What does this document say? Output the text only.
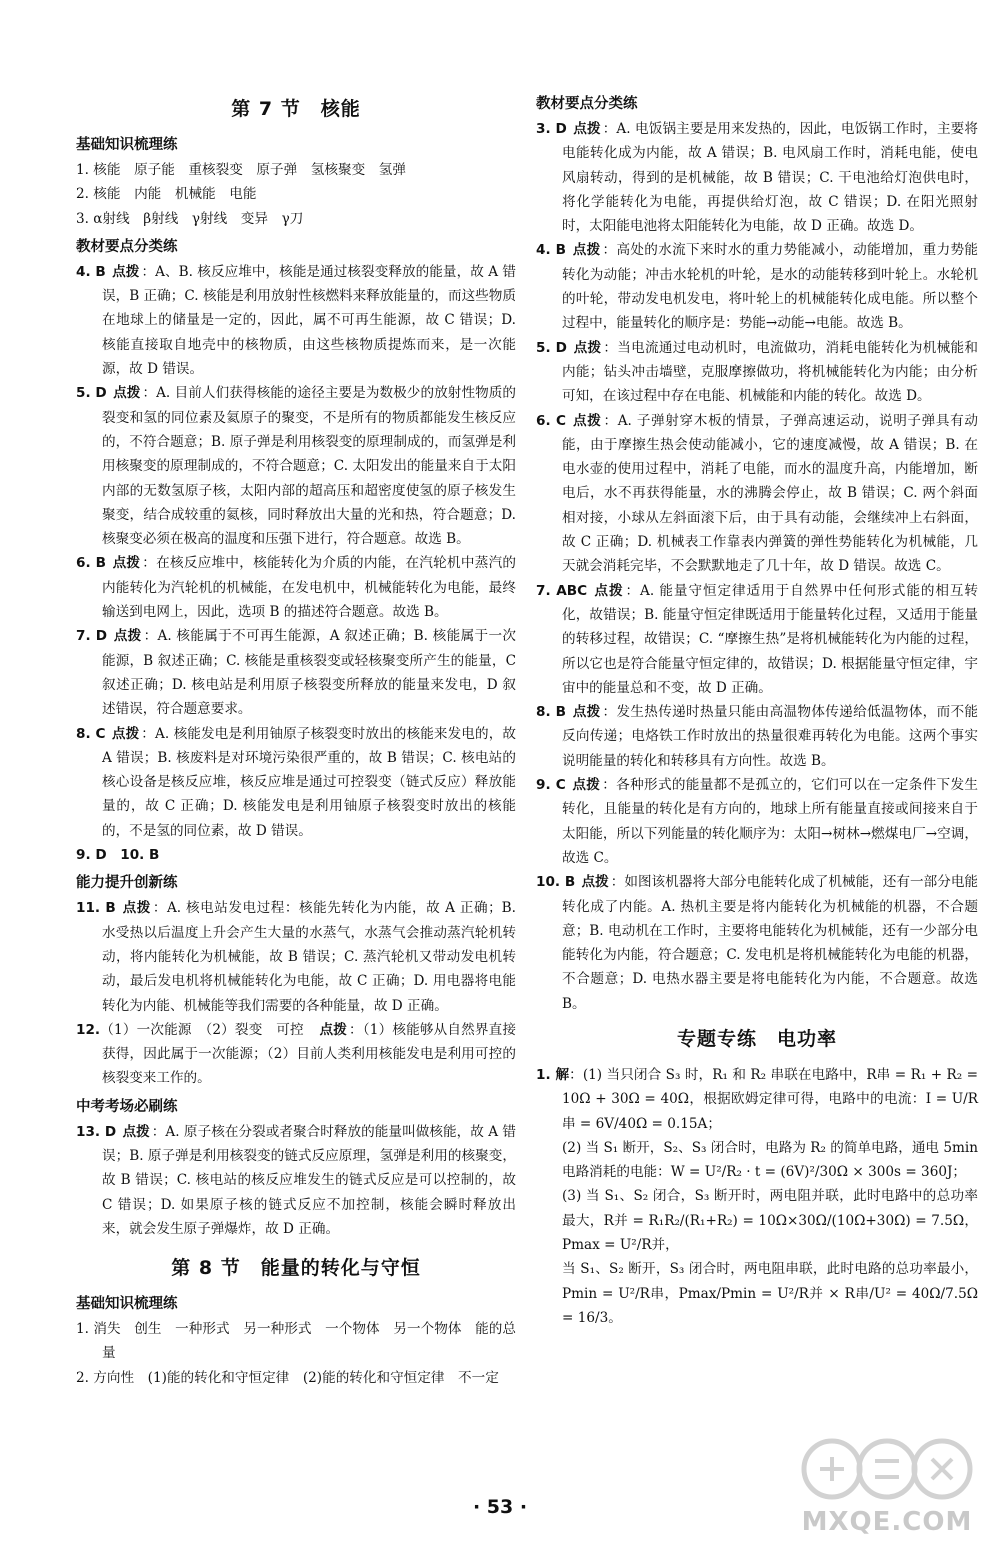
第 7 节　核能
基础知识梳理练

1. 核能　原子能　重核裂变　原子弹　氢核聚变　氢弹

2. 核能　内能　机械能　电能

3. α射线　β射线　γ射线　变异　γ刀

教材要点分类练

4. B 点拨 ：A、B. 核反应堆中，核能是通过核裂变释放的能量，故 A 错误，B 正确；C. 核能是利用放射性核燃料来释放能量的，而这些物质在地球上的储量是一定的，因此，属不可再生能源，故 C 错误；D. 核能直接取自地壳中的核物质，由这些核物质提炼而来，是一次能源，故 D 错误。

5. D 点拨 ：A. 目前人们获得核能的途径主要是为数极少的放射性物质的裂变和氢的同位素及氦原子的聚变，不是所有的物质都能发生核反应的，不符合题意；B. 原子弹是利用核裂变的原理制成的，而氢弹是利用核聚变的原理制成的，不符合题意；C. 太阳发出的能量来自于太阳内部的无数氢原子核，太阳内部的超高压和超密度使氢的原子核发生聚变，结合成较重的氦核，同时释放出大量的光和热，符合题意；D. 核聚变必须在极高的温度和压强下进行，符合题意。故选 B。

6. B 点拨 ：在核反应堆中，核能转化为介质的内能，在汽轮机中蒸汽的内能转化为汽轮机的机械能，在发电机中，机械能转化为电能，最终输送到电网上，因此，选项 B 的描述符合题意。故选 B。

7. D 点拨 ：A. 核能属于不可再生能源，A 叙述正确；B. 核能属于一次能源，B 叙述正确；C. 核能是重核裂变或轻核聚变所产生的能量，C 叙述正确；D. 核电站是利用原子核裂变所释放的能量来发电，D 叙述错误，符合题意要求。

8. C 点拨 ：A. 核能发电是利用铀原子核裂变时放出的核能来发电的，故 A 错误；B. 核废料是对环境污染很严重的，故 B 错误；C. 核电站的核心设备是核反应堆，核反应堆是通过可控裂变（链式反应）释放能量的，故 C 正确；D. 核能发电是利用铀原子核裂变时放出的核能的，不是氢的同位素，故 D 错误。

9. D　10. B

能力提升创新练

11. B 点拨 ：A. 核电站发电过程：核能先转化为内能，故 A 正确；B. 水受热以后温度上升会产生大量的水蒸气，水蒸气会推动蒸汽轮机转动，将内能转化为机械能，故 B 错误；C. 蒸汽轮机又带动发电机转动，最后发电机将机械能转化为电能，故 C 正确；D. 用电器将电能转化为内能、机械能等我们需要的各种能量，故 D 正确。

12.（1）一次能源　（2）裂变　可控　点拨 ：（1）核能够从自然界直接获得，因此属于一次能源；（2）目前人类利用核能发电是利用可控的核裂变来工作的。

中考考场必刷练

13. D 点拨 ：A. 原子核在分裂或者聚合时释放的能量叫做核能，故 A 错误；B. 原子弹是利用核裂变的链式反应原理，氢弹是利用的核聚变，故 B 错误；C. 核电站的核反应堆发生的链式反应是可以控制的，故 C 错误；D. 如果原子核的链式反应不加控制，核能会瞬时释放出来，就会发生原子弹爆炸，故 D 正确。

第 8 节　能量的转化与守恒
基础知识梳理练

1. 消失　创生　一种形式　另一种形式　一个物体　另一个物体　能的总量

2. 方向性　(1)能的转化和守恒定律　(2)能的转化和守恒定律　不一定

教材要点分类练

3. D 点拨 ：A. 电饭锅主要是用来发热的，因此，电饭锅工作时，主要将电能转化成为内能，故 A 错误；B. 电风扇工作时，消耗电能，使电风扇转动，得到的是机械能，故 B 错误；C. 干电池给灯泡供电时，将化学能转化为电能，再提供给灯泡，故 C 错误；D. 在阳光照射时，太阳能电池将太阳能转化为电能，故 D 正确。故选 D。

4. B 点拨 ：高处的水流下来时水的重力势能减小，动能增加，重力势能转化为动能；冲击水轮机的叶轮，是水的动能转移到叶轮上。水轮机的叶轮，带动发电机发电，将叶轮上的机械能转化成电能。所以整个过程中，能量转化的顺序是：势能→动能→电能。故选 B。

5. D 点拨 ：当电流通过电动机时，电流做功，消耗电能转化为机械能和内能；钻头冲击墙壁，克服摩擦做功，将机械能转化为内能；由分析可知，在该过程中存在电能、机械能和内能的转化。故选 D。

6. C 点拨 ：A. 子弹射穿木板的情景，子弹高速运动，说明子弹具有动能，由于摩擦生热会使动能减小，它的速度减慢，故 A 错误；B. 在电水壶的使用过程中，消耗了电能，而水的温度升高，内能增加，断电后，水不再获得能量，水的沸腾会停止，故 B 错误；C. 两个斜面相对接，小球从左斜面滚下后，由于具有动能，会继续冲上右斜面，故 C 正确；D. 机械表工作靠表内弹簧的弹性势能转化为机械能，几天就会消耗完毕，不会默默地走了几十年，故 D 错误。故选 C。

7. ABC 点拨 ：A. 能量守恒定律适用于自然界中任何形式能的相互转化，故错误；B. 能量守恒定律既适用于能量转化过程，又适用于能量的转移过程，故错误；C. “摩擦生热”是将机械能转化为内能的过程，所以它也是符合能量守恒定律的，故错误；D. 根据能量守恒定律，宇宙中的能量总和不变，故 D 正确。

8. B 点拨 ：发生热传递时热量只能由高温物体传递给低温物体，而不能反向传递；电烙铁工作时放出的热量很难再转化为电能。这两个事实说明能量的转化和转移具有方向性。故选 B。

9. C 点拨 ：各种形式的能量都不是孤立的，它们可以在一定条件下发生转化，且能量的转化是有方向的，地球上所有能量直接或间接来自于太阳能，所以下列能量的转化顺序为：太阳→树林→燃煤电厂→空调，故选 C。

10. B 点拨 ：如图该机器将大部分电能转化成了机械能，还有一部分电能转化成了内能。A. 热机主要是将内能转化为机械能的机器，不合题意；B. 电动机在工作时，主要将电能转化为机械能，还有一少部分电能转化为内能，符合题意；C. 发电机是将机械能转化为电能的机器，不合题意；D. 电热水器主要是将电能转化为内能，不合题意。故选 B。

专题专练　电功率

1. 解：(1) 当只闭合 S₃ 时，R₁ 和 R₂ 串联在电路中，R串 = R₁ + R₂ = 10Ω + 30Ω = 40Ω，根据欧姆定律可得，电路中的电流：I = U/R串 = 6V/40Ω = 0.15A；

(2) 当 S₁ 断开，S₂、S₃ 闭合时，电路为 R₂ 的简单电路，通电 5min 电路消耗的电能：W = U²/R₂ · t = (6V)²/30Ω × 300s = 360J；

(3) 当 S₁、S₂ 闭合，S₃ 断开时，两电阻并联，此时电路中的总功率最大，R并 = R₁R₂/(R₁+R₂) = 10Ω×30Ω/(10Ω+30Ω) = 7.5Ω，Pmax = U²/R并，

当 S₁、S₂ 断开，S₃ 闭合时，两电阻串联，此时电路的总功率最小，Pmin = U²/R串，Pmax/Pmin = U²/R并 × R串/U² = 40Ω/7.5Ω = 16/3。

· 53 ·	MXQE.COM
